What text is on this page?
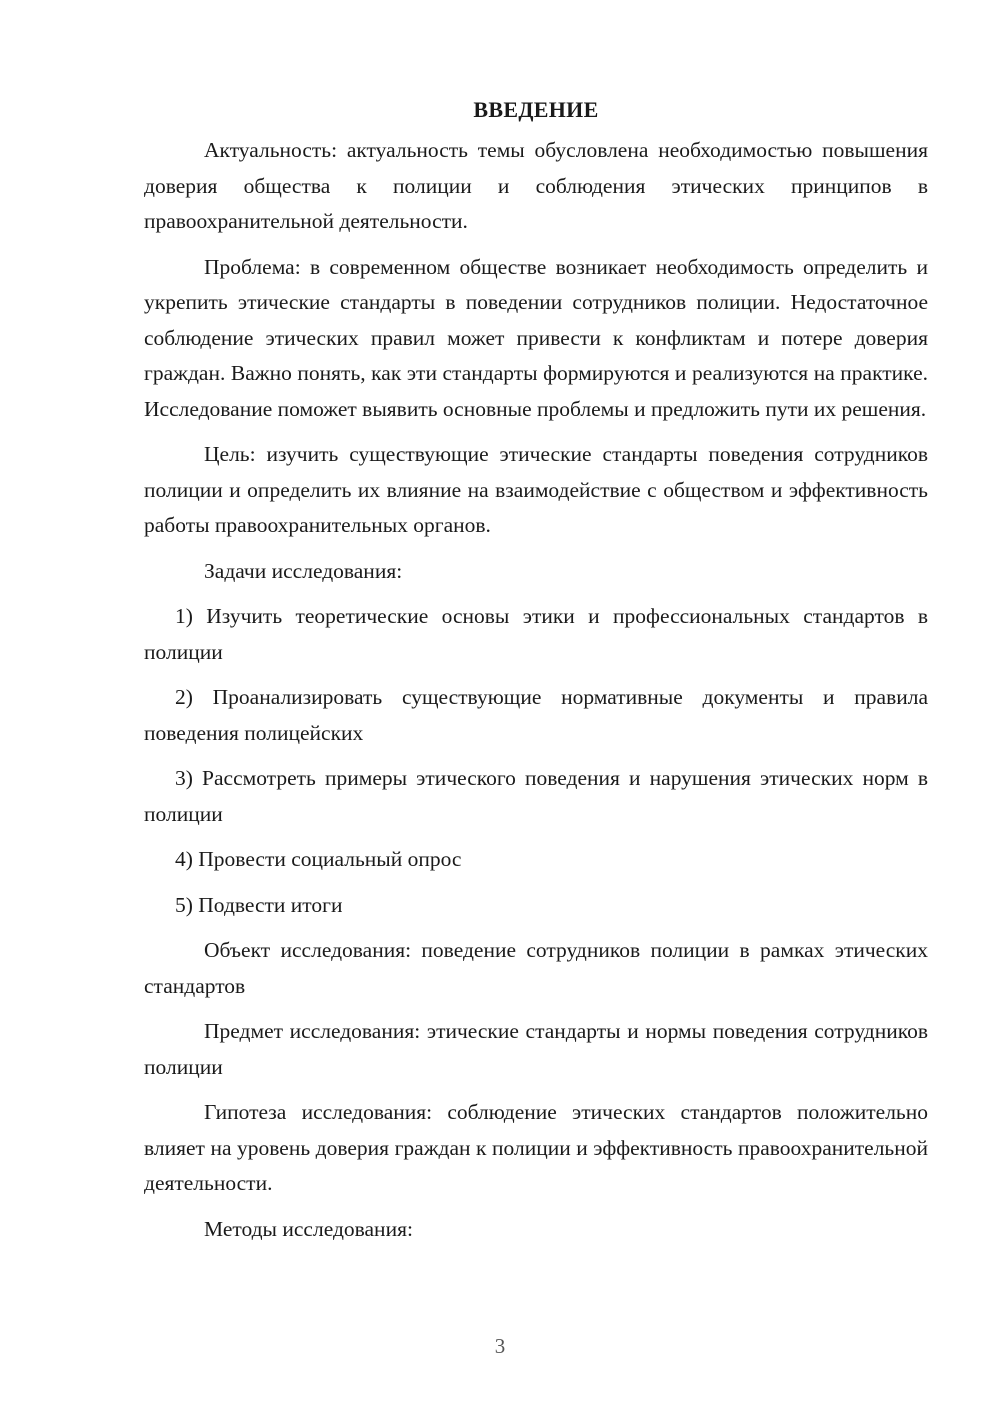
ВВЕДЕНИЕ

Актуальность: актуальность темы обусловлена необходимостью повышения доверия общества к полиции и соблюдения этических принципов в правоохранительной деятельности.

Проблема: в современном обществе возникает необходимость определить и укрепить этические стандарты в поведении сотрудников полиции. Недостаточное соблюдение этических правил может привести к конфликтам и потере доверия граждан. Важно понять, как эти стандарты формируются и реализуются на практике. Исследование поможет выявить основные проблемы и предложить пути их решения.

Цель: изучить существующие этические стандарты поведения сотрудников полиции и определить их влияние на взаимодействие с обществом и эффективность работы правоохранительных органов.

Задачи исследования:

1) Изучить теоретические основы этики и профессиональных стандартов в полиции

2) Проанализировать существующие нормативные документы и правила поведения полицейских

3) Рассмотреть примеры этического поведения и нарушения этических норм в полиции

4) Провести социальный опрос

5) Подвести итоги

Объект исследования: поведение сотрудников полиции в рамках этических стандартов

Предмет исследования: этические стандарты и нормы поведения сотрудников полиции

Гипотеза исследования: соблюдение этических стандартов положительно влияет на уровень доверия граждан к полиции и эффективность правоохранительной деятельности.

Методы исследования:

3
